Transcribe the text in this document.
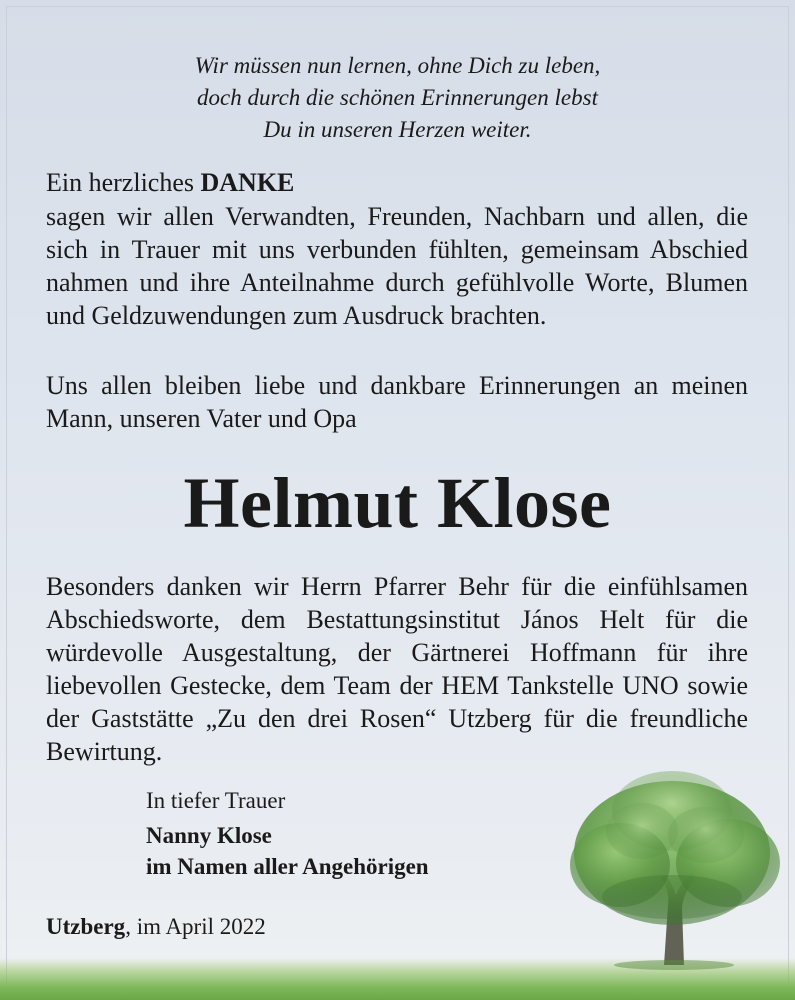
Wir müssen nun lernen, ohne Dich zu leben,
doch durch die schönen Erinnerungen lebst
Du in unseren Herzen weiter.
Ein herzliches DANKE
sagen wir allen Verwandten, Freunden, Nachbarn und allen, die sich in Trauer mit uns verbunden fühlten, gemeinsam Abschied nahmen und ihre Anteilnahme durch gefühlvolle Worte, Blumen und Geldzuwendungen zum Ausdruck brachten.
Uns allen bleiben liebe und dankbare Erinnerungen an meinen Mann, unseren Vater und Opa
Helmut Klose
Besonders danken wir Herrn Pfarrer Behr für die einfühlsamen Abschiedsworte, dem Bestattungsinstitut János Helt für die würdevolle Ausgestaltung, der Gärtnerei Hoffmann für ihre liebevollen Gestecke, dem Team der HEM Tankstelle UNO sowie der Gaststätte „Zu den drei Rosen“ Utzberg für die freundliche Bewirtung.
In tiefer Trauer
Nanny Klose
im Namen aller Angehörigen
Utzberg, im April 2022
